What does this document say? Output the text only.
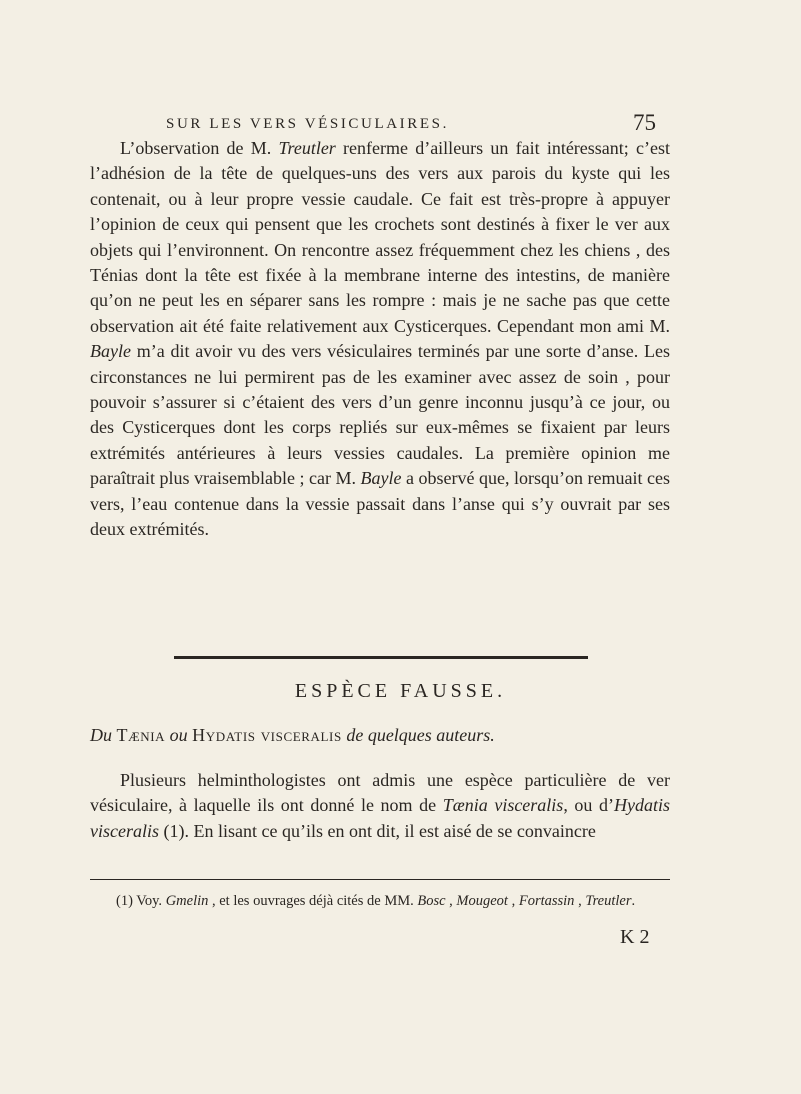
SUR LES VERS VÉSICULAIRES.	75

L’observation de M. Treutler renferme d’ailleurs un fait intéressant; c’est l’adhésion de la tête de quelques-uns des vers aux parois du kyste qui les contenait, ou à leur propre vessie caudale. Ce fait est très-propre à appuyer l’opinion de ceux qui pensent que les crochets sont destinés à fixer le ver aux objets qui l’environnent. On rencontre assez fréquemment chez les chiens , des Ténias dont la tête est fixée à la membrane interne des intestins, de manière qu’on ne peut les en séparer sans les rompre : mais je ne sache pas que cette observation ait été faite relativement aux Cysticerques. Cependant mon ami M. Bayle m’a dit avoir vu des vers vésiculaires terminés par une sorte d’anse. Les circonstances ne lui permirent pas de les examiner avec assez de soin , pour pouvoir s’assurer si c’étaient des vers d’un genre inconnu jusqu’à ce jour, ou des Cysticerques dont les corps repliés sur eux-mêmes se fixaient par leurs extrémités antérieures à leurs vessies caudales. La première opinion me paraîtrait plus vraisemblable ; car M. Bayle a observé que, lorsqu’on remuait ces vers, l’eau contenue dans la vessie passait dans l’anse qui s’y ouvrait par ses deux extrémités.

ESPÈCE FAUSSE.
Du Tænia ou Hydatis visceralis de quelques auteurs.

Plusieurs helminthologistes ont admis une espèce particulière de ver vésiculaire, à laquelle ils ont donné le nom de Tænia visceralis, ou d’Hydatis visceralis (1). En lisant ce qu’ils en ont dit, il est aisé de se convaincre

(1) Voy. Gmelin , et les ouvrages déjà cités de MM. Bosc , Mougeot , Fortassin , Treutler.

K 2
